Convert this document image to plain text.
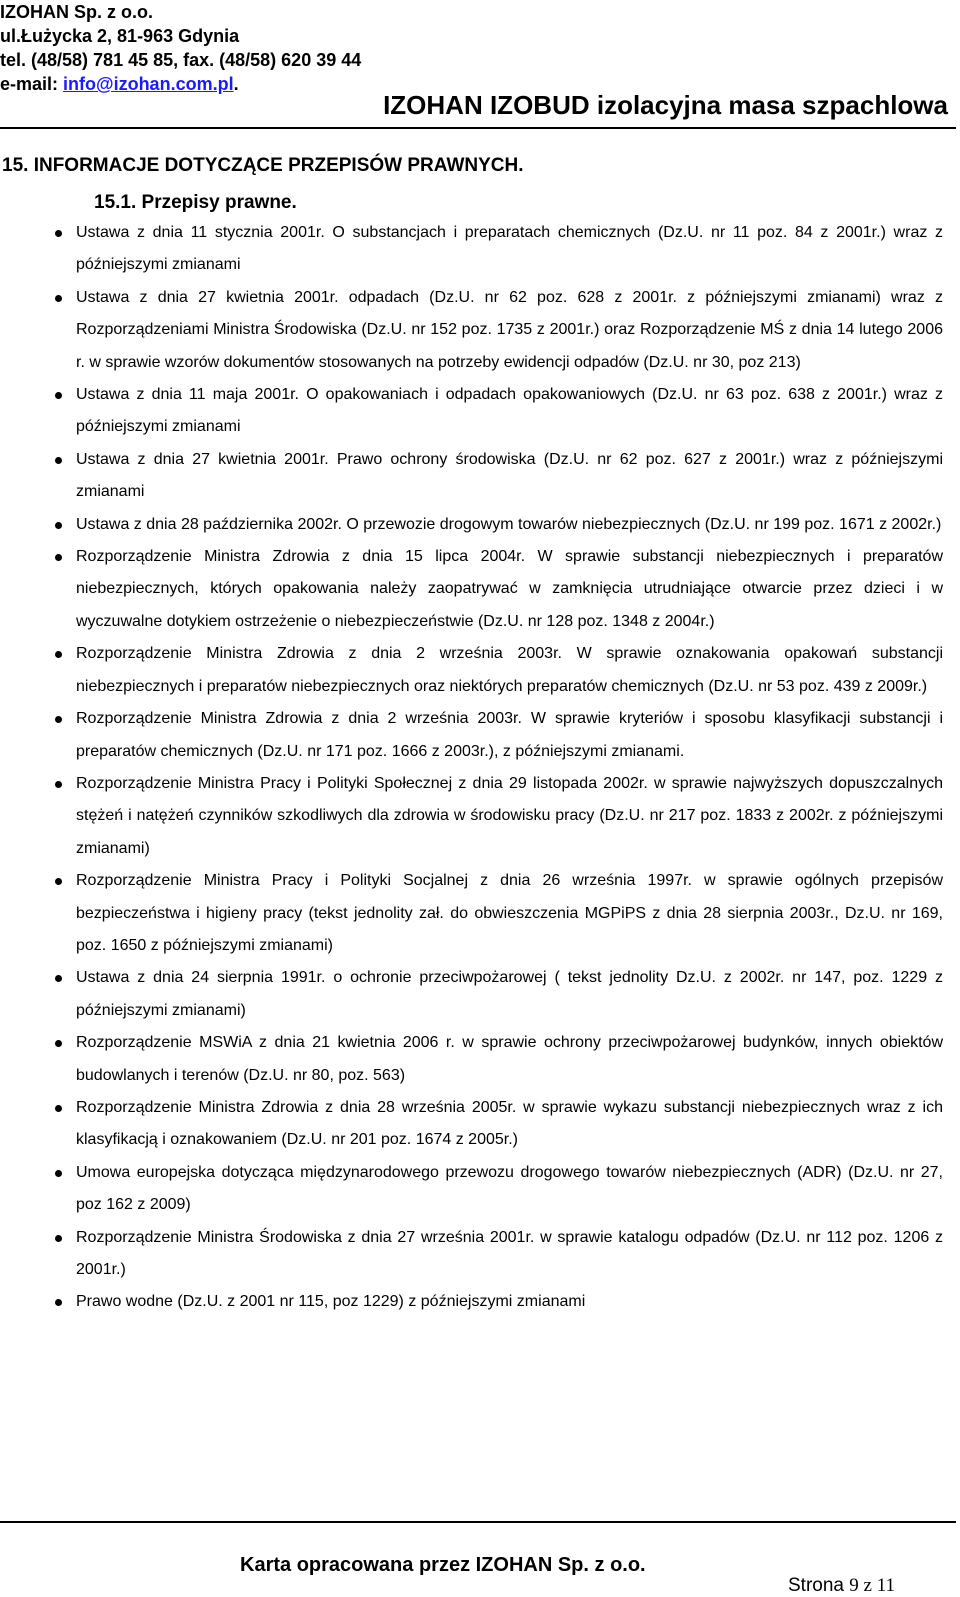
IZOHAN Sp. z o.o.
ul.Łużycka 2, 81-963 Gdynia
tel. (48/58) 781 45 85, fax. (48/58) 620 39 44
e-mail: info@izohan.com.pl.
IZOHAN IZOBUD izolacyjna masa szpachlowa
15. INFORMACJE DOTYCZĄCE PRZEPISÓW PRAWNYCH.
15.1. Przepisy prawne.
Ustawa z dnia 11 stycznia 2001r. O substancjach i preparatach chemicznych (Dz.U. nr 11 poz. 84 z 2001r.) wraz z późniejszymi zmianami
Ustawa z dnia 27 kwietnia 2001r. odpadach (Dz.U. nr 62 poz. 628 z 2001r. z późniejszymi zmianami) wraz z Rozporządzeniami Ministra Środowiska (Dz.U. nr 152 poz. 1735 z 2001r.) oraz Rozporządzenie MŚ z dnia 14 lutego 2006 r. w sprawie wzorów dokumentów stosowanych na potrzeby ewidencji odpadów (Dz.U. nr 30, poz 213)
Ustawa z dnia 11 maja 2001r. O opakowaniach i odpadach opakowaniowych (Dz.U. nr 63 poz. 638 z 2001r.) wraz z późniejszymi zmianami
Ustawa z dnia 27 kwietnia 2001r. Prawo ochrony środowiska (Dz.U. nr 62 poz. 627 z 2001r.) wraz z późniejszymi zmianami
Ustawa z dnia 28 października 2002r. O przewozie drogowym towarów niebezpiecznych (Dz.U. nr 199 poz. 1671 z 2002r.)
Rozporządzenie Ministra Zdrowia z dnia 15 lipca 2004r. W sprawie substancji niebezpiecznych i preparatów niebezpiecznych, których opakowania należy zaopatrywać w zamknięcia utrudniające otwarcie przez dzieci i w wyczuwalne dotykiem ostrzeżenie o niebezpieczeństwie (Dz.U. nr 128 poz. 1348 z 2004r.)
Rozporządzenie Ministra Zdrowia z dnia 2 września 2003r. W sprawie oznakowania opakowań substancji niebezpiecznych i preparatów niebezpiecznych oraz niektórych preparatów chemicznych (Dz.U. nr 53 poz. 439 z 2009r.)
Rozporządzenie Ministra Zdrowia z dnia 2 września 2003r. W sprawie kryteriów i sposobu klasyfikacji substancji i preparatów chemicznych (Dz.U. nr 171 poz. 1666 z 2003r.), z późniejszymi zmianami.
Rozporządzenie Ministra Pracy i Polityki Społecznej z dnia 29 listopada 2002r. w sprawie najwyższych dopuszczalnych stężeń i natężeń czynników szkodliwych dla zdrowia w środowisku pracy (Dz.U. nr 217 poz. 1833 z 2002r. z późniejszymi zmianami)
Rozporządzenie Ministra Pracy i Polityki Socjalnej z dnia 26 września 1997r. w sprawie ogólnych przepisów bezpieczeństwa i higieny pracy (tekst jednolity zał. do obwieszczenia MGPiPS z dnia 28 sierpnia 2003r., Dz.U. nr 169, poz. 1650 z późniejszymi zmianami)
Ustawa z dnia 24 sierpnia 1991r. o ochronie przeciwpożarowej ( tekst jednolity Dz.U. z 2002r. nr 147, poz. 1229 z późniejszymi zmianami)
Rozporządzenie MSWiA z dnia 21 kwietnia 2006 r. w sprawie ochrony przeciwpożarowej budynków, innych obiektów budowlanych i terenów (Dz.U. nr 80, poz. 563)
Rozporządzenie Ministra Zdrowia z dnia 28 września 2005r. w sprawie wykazu substancji niebezpiecznych wraz z ich klasyfikacją i oznakowaniem (Dz.U. nr 201 poz. 1674 z 2005r.)
Umowa europejska dotycząca międzynarodowego przewozu drogowego towarów niebezpiecznych (ADR) (Dz.U. nr 27, poz 162 z 2009)
Rozporządzenie Ministra Środowiska z dnia 27 września 2001r. w sprawie katalogu odpadów (Dz.U. nr 112 poz. 1206 z 2001r.)
Prawo wodne (Dz.U. z 2001 nr 115, poz 1229) z późniejszymi zmianami
Karta opracowana przez IZOHAN Sp. z o.o.
Strona 9 z 11
